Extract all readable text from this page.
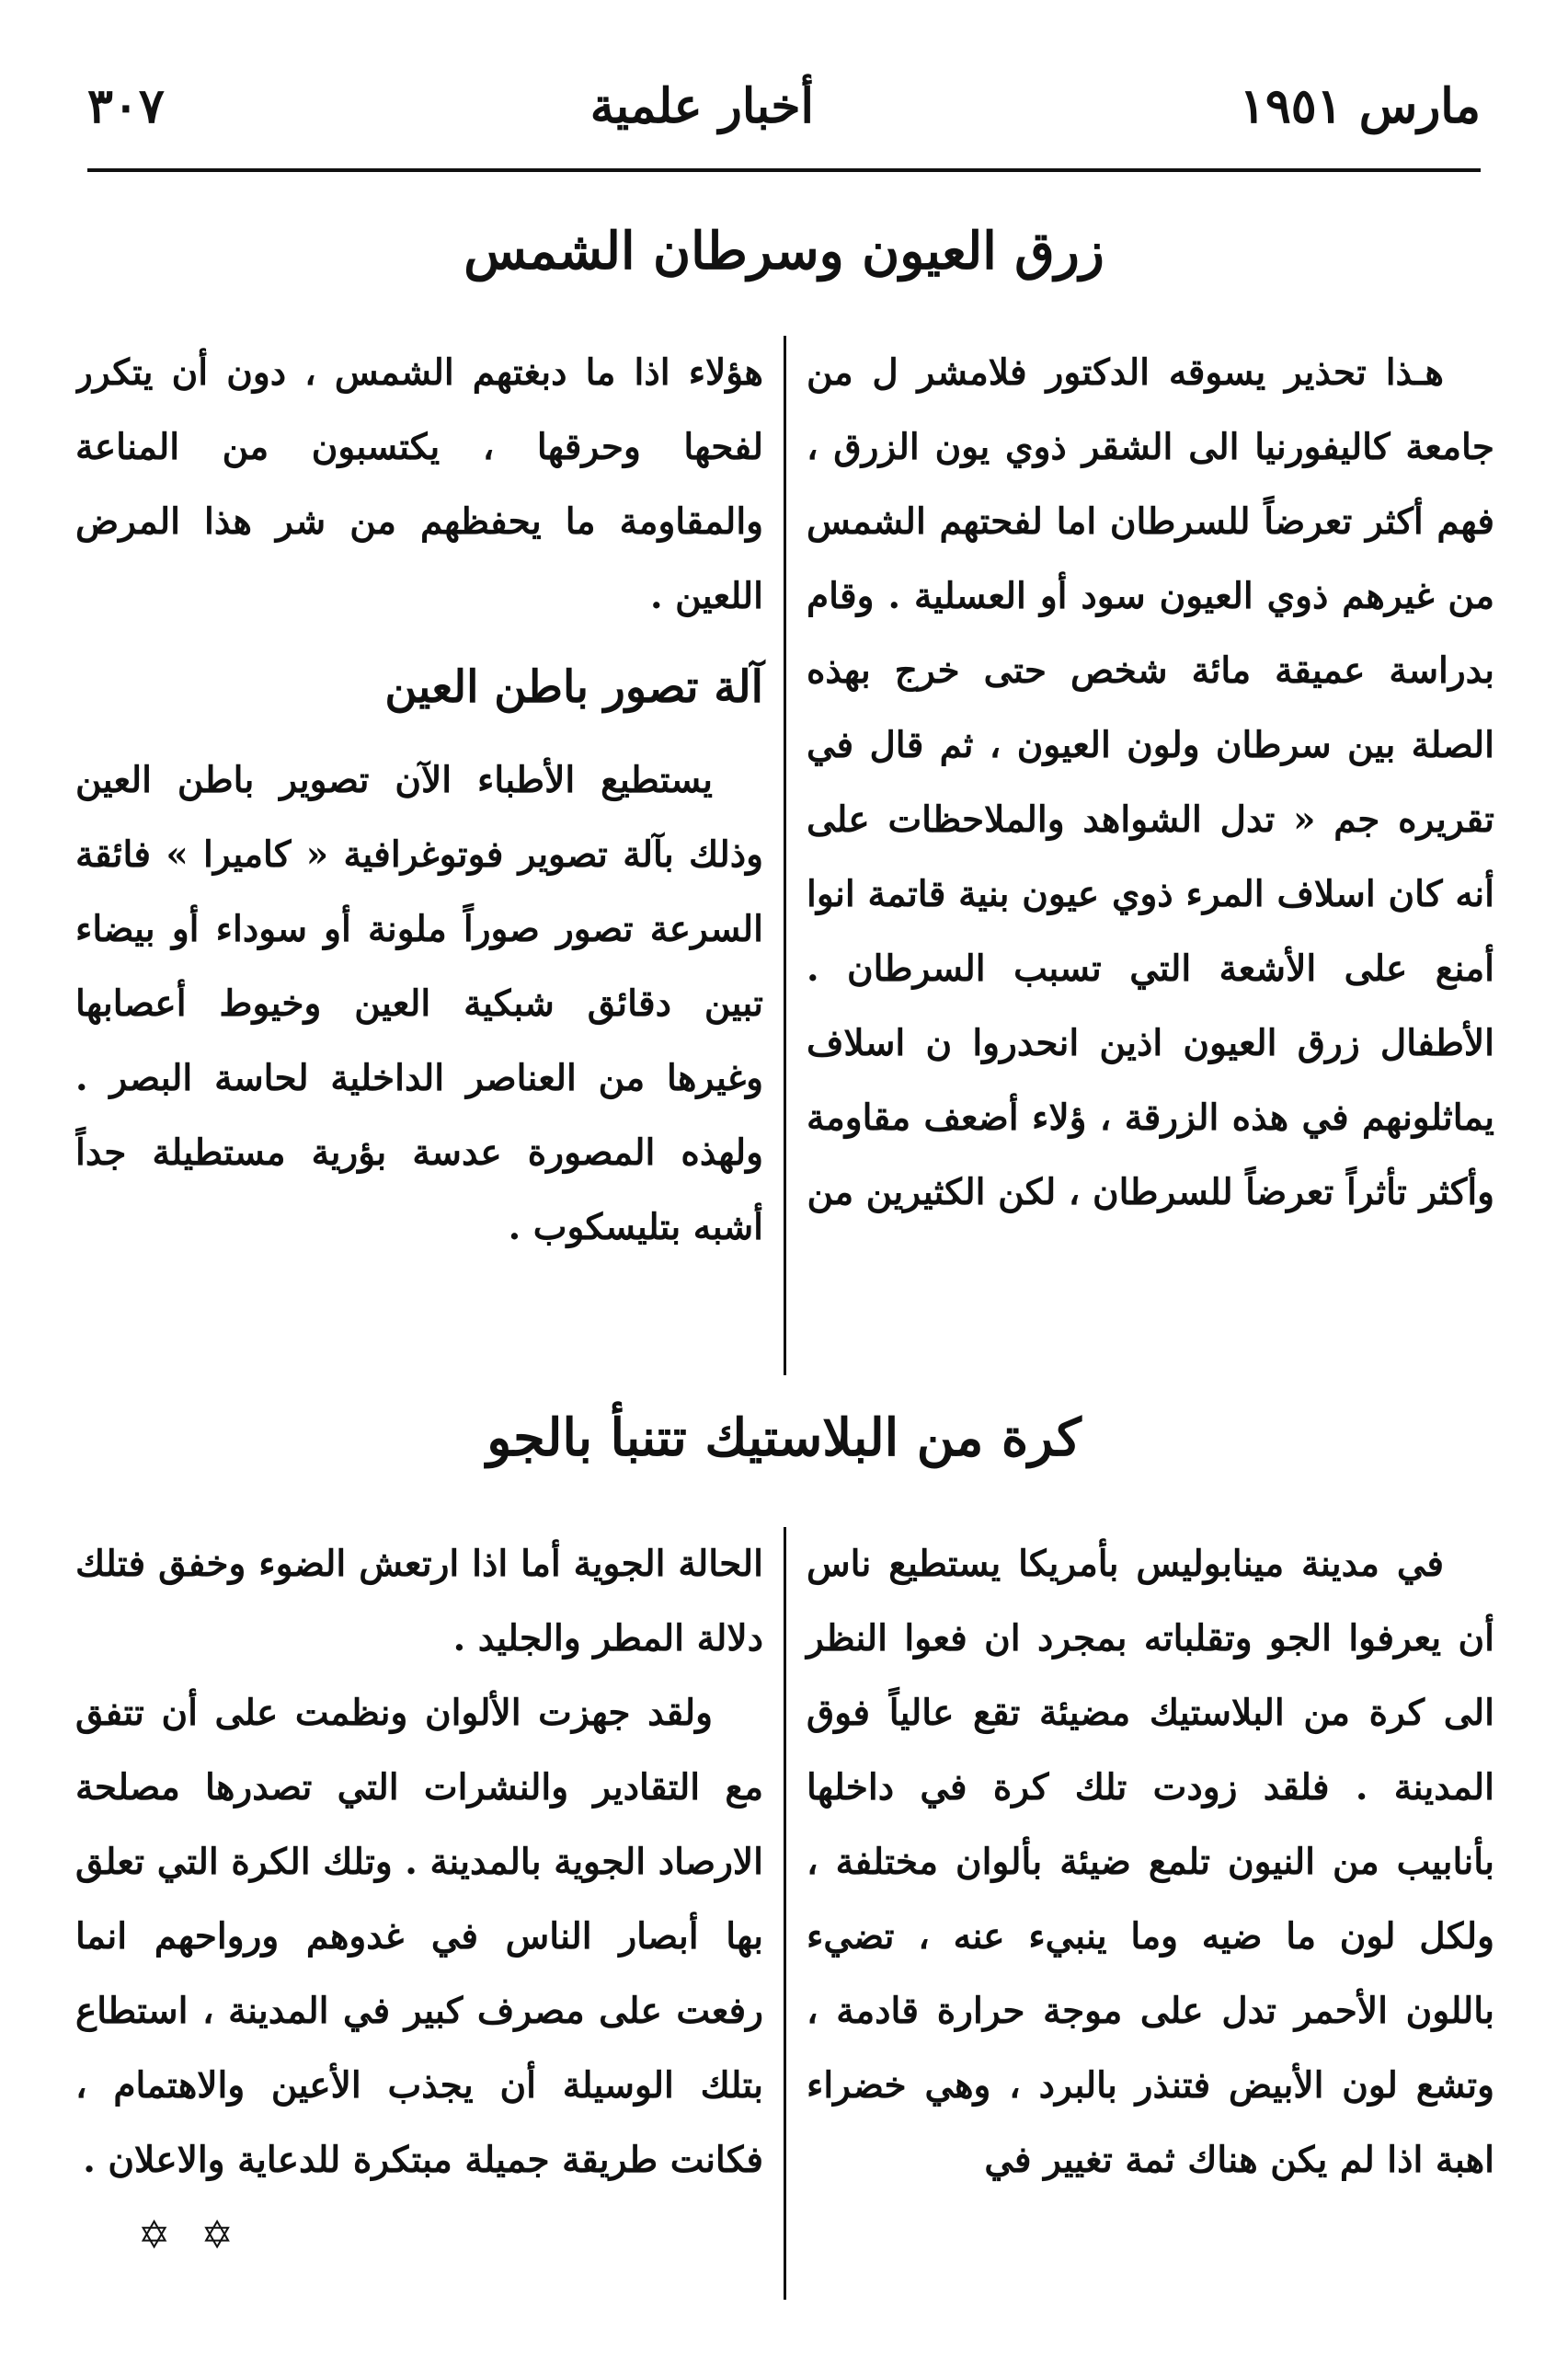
مارس ١٩٥١
أخبار علمية
٣٠٧
زرق العيون وسرطان الشمس

هـذا تحذير يسوقه الدكتور فلامشر ل من جامعة كاليفورنيا الى الشقر ذوي يون الزرق ، فهم أكثر تعرضاً للسرطان اما لفحتهم الشمس من غيرهم ذوي العيون سود أو العسلية . وقام بدراسة عميقة مائة شخص حتى خرج بهذه الصلة بين سرطان ولون العيون ، ثم قال في تقريره جم « تدل الشواهد والملاحظات على أنه كان اسلاف المرء ذوي عيون بنية قاتمة انوا أمنع على الأشعة التي تسبب السرطان . الأطفال زرق العيون اذين انحدروا ن اسلاف يماثلونهم في هذه الزرقة ، ؤلاء أضعف مقاومة وأكثر تأثراً تعرضاً للسرطان ، لكن الكثيرين من

هؤلاء اذا ما دبغتهم الشمس ، دون أن يتكرر لفحها وحرقها ، يكتسبون من المناعة والمقاومة ما يحفظهم من شر هذا المرض اللعين .

آلة تصور باطن العين

يستطيع الأطباء الآن تصوير باطن العين وذلك بآلة تصوير فوتوغرافية « كاميرا » فائقة السرعة تصور صوراً ملونة أو سوداء أو بيضاء تبين دقائق شبكية العين وخيوط أعصابها وغيرها من العناصر الداخلية لحاسة البصر . ولهذه المصورة عدسة بؤرية مستطيلة جداً أشبه بتليسكوب .

كرة من البلاستيك تتنبأ بالجو

في مدينة مينابوليس بأمريكا يستطيع ناس أن يعرفوا الجو وتقلباته بمجرد ان فعوا النظر الى كرة من البلاستيك مضيئة تقع عالياً فوق المدينة . فلقد زودت تلك كرة في داخلها بأنابيب من النيون تلمع ضيئة بألوان مختلفة ، ولكل لون ما ضيه وما ينبيء عنه ، تضيء باللون الأحمر تدل على موجة حرارة قادمة ، وتشع لون الأبيض فتنذر بالبرد ، وهي خضراء اهبة اذا لم يكن هناك ثمة تغيير في

الحالة الجوية أما اذا ارتعش الضوء وخفق فتلك دلالة المطر والجليد .

ولقد جهزت الألوان ونظمت على أن تتفق مع التقادير والنشرات التي تصدرها مصلحة الارصاد الجوية بالمدينة . وتلك الكرة التي تعلق بها أبصار الناس في غدوهم ورواحهم انما رفعت على مصرف كبير في المدينة ، استطاع بتلك الوسيلة أن يجذب الأعين والاهتمام ، فكانت طريقة جميلة مبتكرة للدعاية والاعلان .

✡ ✡
